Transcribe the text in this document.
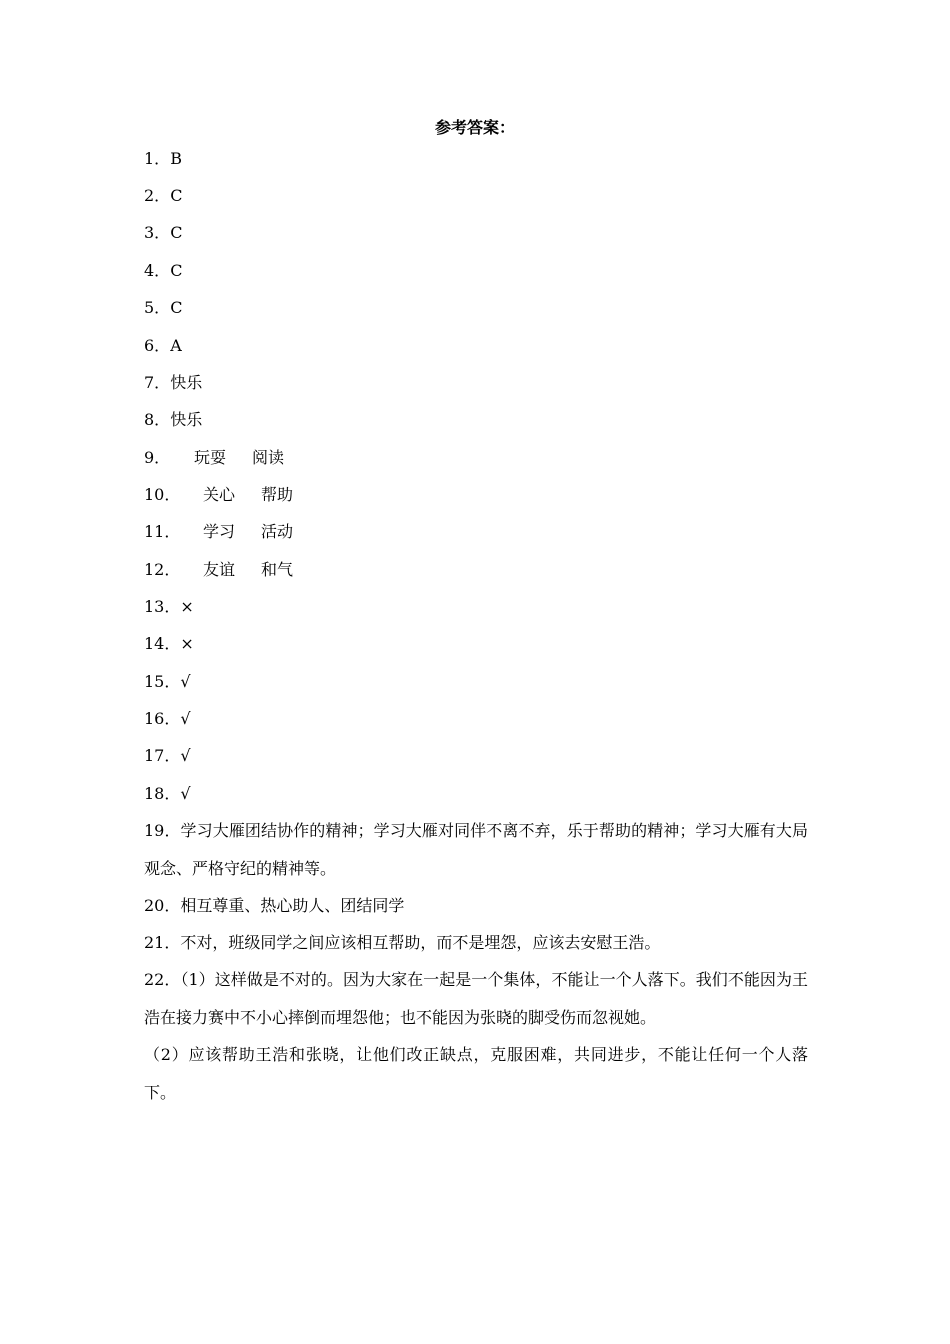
参考答案：
1．B
2．C
3．C
4．C
5．C
6．A
7．快乐
8．快乐
9． 玩耍 阅读
10． 关心 帮助
11． 学习 活动
12． 友谊 和气
13．×
14．×
15．√
16．√
17．√
18．√
19．学习大雁团结协作的精神；学习大雁对同伴不离不弃，乐于帮助的精神；学习大雁有大局观念、严格守纪的精神等。
20．相互尊重、热心助人、团结同学
21．不对，班级同学之间应该相互帮助，而不是埋怨，应该去安慰王浩。
22．（1）这样做是不对的。因为大家在一起是一个集体，不能让一个人落下。我们不能因为王浩在接力赛中不小心摔倒而埋怨他；也不能因为张晓的脚受伤而忽视她。
（2）应该帮助王浩和张晓，让他们改正缺点，克服困难，共同进步，不能让任何一个人落下。
